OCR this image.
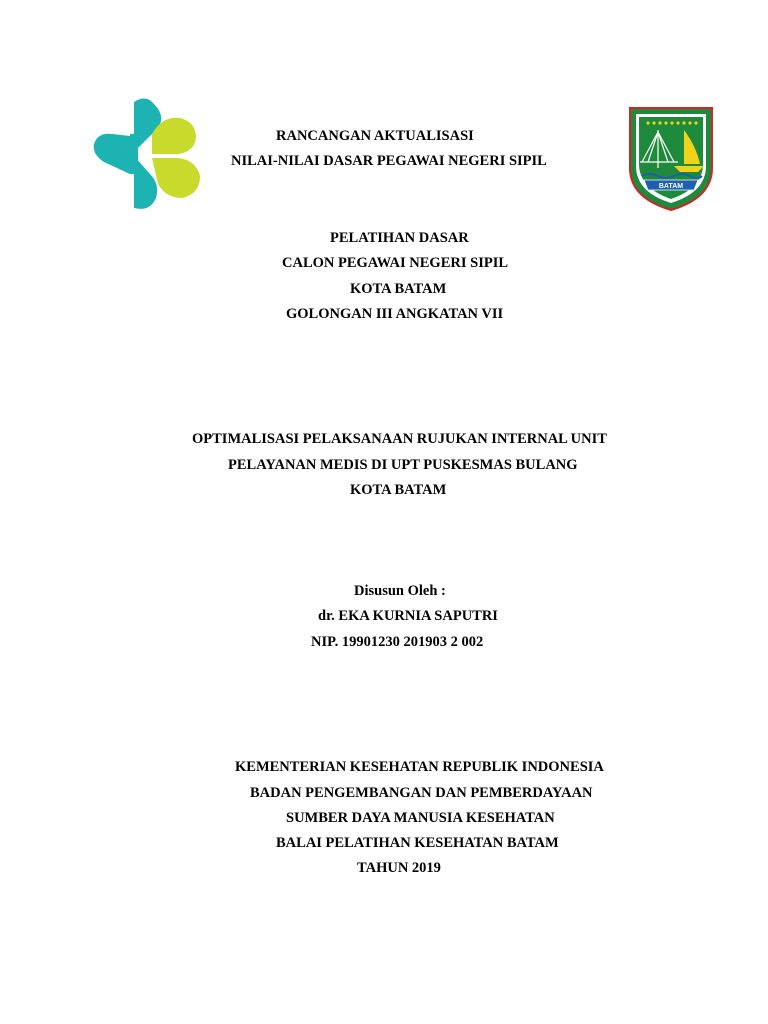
BATAM
RANCANGAN AKTUALISASI
NILAI-NILAI DASAR PEGAWAI NEGERI SIPIL
PELATIHAN DASAR
CALON PEGAWAI NEGERI SIPIL
KOTA BATAM
GOLONGAN III ANGKATAN VII
OPTIMALISASI PELAKSANAAN RUJUKAN INTERNAL UNIT
PELAYANAN MEDIS DI UPT PUSKESMAS BULANG
KOTA BATAM
Disusun Oleh :
dr. EKA KURNIA SAPUTRI
NIP. 19901230 201903 2 002
KEMENTERIAN KESEHATAN REPUBLIK INDONESIA
BADAN PENGEMBANGAN DAN PEMBERDAYAAN
SUMBER DAYA MANUSIA KESEHATAN
BALAI PELATIHAN KESEHATAN BATAM
TAHUN 2019
